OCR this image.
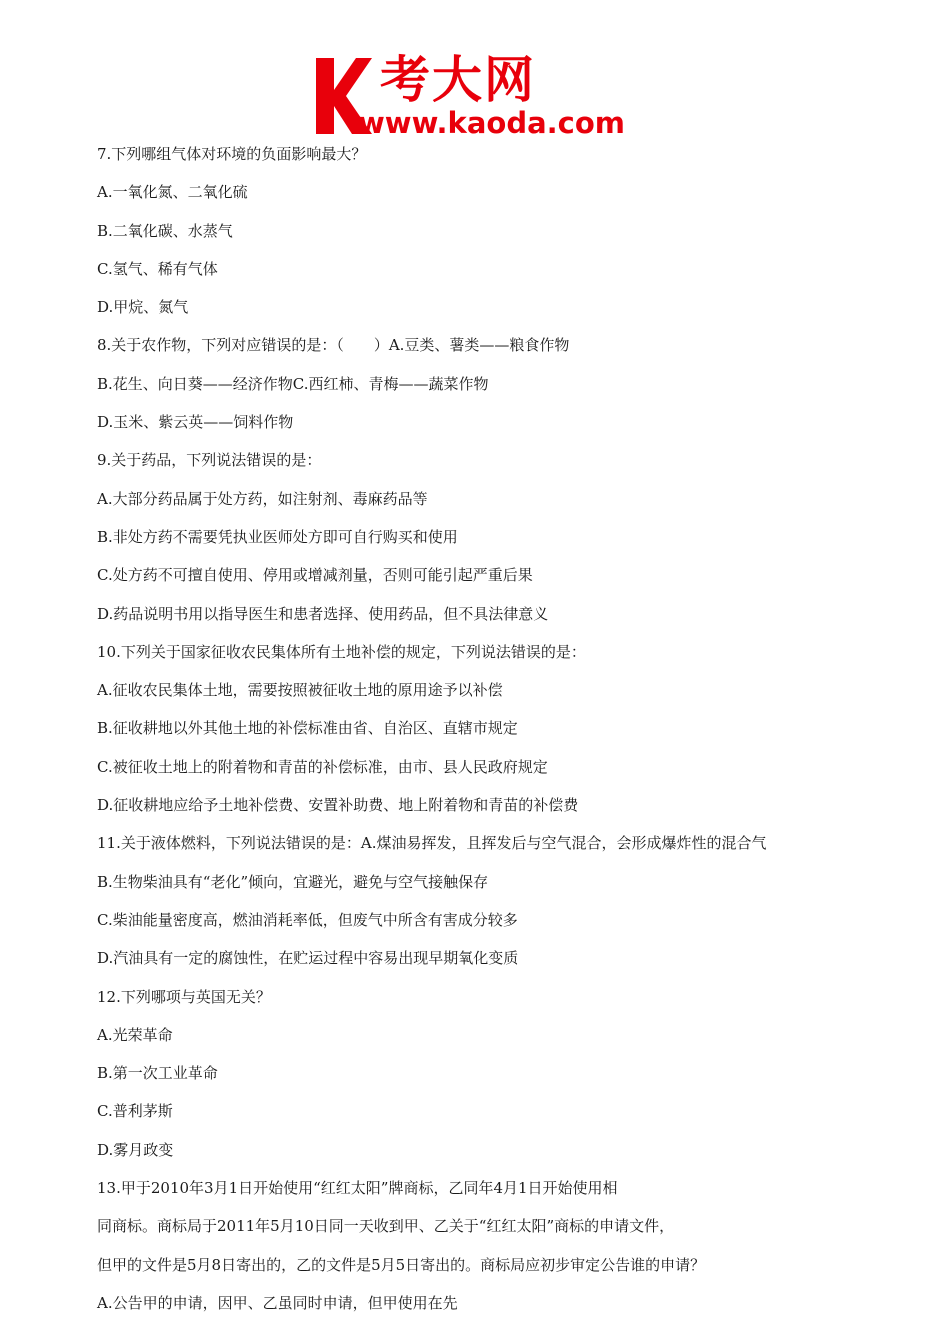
考大网
www.kaoda.com
7.下列哪组气体对环境的负面影响最大？
A.一氧化氮、二氧化硫
B.二氧化碳、水蒸气
C.氢气、稀有气体
D.甲烷、氮气
8.关于农作物，下列对应错误的是：（　　）A.豆类、薯类——粮食作物
B.花生、向日葵——经济作物C.西红柿、青梅——蔬菜作物
D.玉米、紫云英——饲料作物
9.关于药品，下列说法错误的是：
A.大部分药品属于处方药，如注射剂、毒麻药品等
B.非处方药不需要凭执业医师处方即可自行购买和使用
C.处方药不可擅自使用、停用或增减剂量，否则可能引起严重后果
D.药品说明书用以指导医生和患者选择、使用药品，但不具法律意义
10.下列关于国家征收农民集体所有土地补偿的规定，下列说法错误的是：
A.征收农民集体土地，需要按照被征收土地的原用途予以补偿
B.征收耕地以外其他土地的补偿标准由省、自治区、直辖市规定
C.被征收土地上的附着物和青苗的补偿标准，由市、县人民政府规定
D.征收耕地应给予土地补偿费、安置补助费、地上附着物和青苗的补偿费
11.关于液体燃料，下列说法错误的是：A.煤油易挥发，且挥发后与空气混合，会形成爆炸性的混合气
B.生物柴油具有“老化”倾向，宜避光，避免与空气接触保存
C.柴油能量密度高，燃油消耗率低，但废气中所含有害成分较多
D.汽油具有一定的腐蚀性，在贮运过程中容易出现早期氧化变质
12.下列哪项与英国无关？
A.光荣革命
B.第一次工业革命
C.普利茅斯
D.雾月政变
13.甲于2010年3月1日开始使用“红红太阳”牌商标，乙同年4月1日开始使用相
同商标。商标局于2011年5月10日同一天收到甲、乙关于“红红太阳”商标的申请文件，
但甲的文件是5月8日寄出的，乙的文件是5月5日寄出的。商标局应初步审定公告谁的申请？
A.公告甲的申请，因甲、乙虽同时申请，但甲使用在先
